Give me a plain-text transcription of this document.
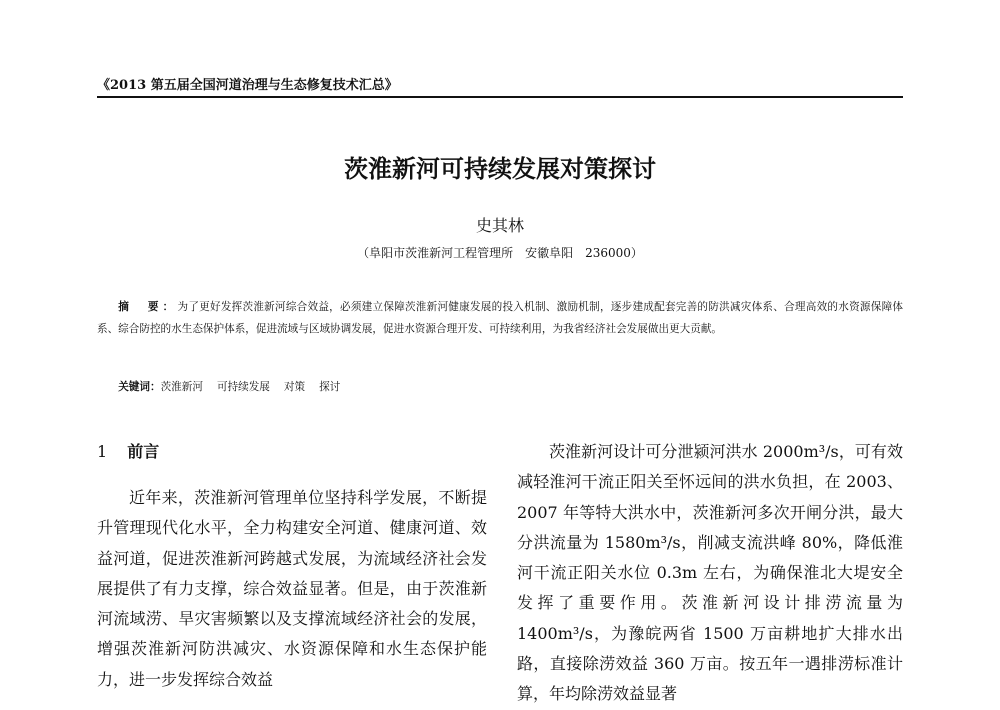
《2013 第五届全国河道治理与生态修复技术汇总》
茨淮新河可持续发展对策探讨
史其林
（阜阳市茨淮新河工程管理所　安徽阜阳　236000）
摘　要：为了更好发挥茨淮新河综合效益，必须建立保障茨淮新河健康发展的投入机制、激励机制，逐步建成配套完善的防洪减灾体系、合理高效的水资源保障体系、综合防控的水生态保护体系，促进流域与区域协调发展，促进水资源合理开发、可持续利用，为我省经济社会发展做出更大贡献。
关键词：茨淮新河 可持续发展 对策 探讨
1 前言

近年来，茨淮新河管理单位坚持科学发展，不断提升管理现代化水平，全力构建安全河道、健康河道、效益河道，促进茨淮新河跨越式发展，为流域经济社会发展提供了有力支撑，综合效益显著。但是，由于茨淮新河流域涝、旱灾害频繁以及支撑流域经济社会的发展，增强茨淮新河防洪减灾、水资源保障和水生态保护能力，进一步发挥综合效益

茨淮新河设计可分泄颍河洪水 2000m³/s，可有效减轻淮河干流正阳关至怀远间的洪水负担，在 2003、2007 年等特大洪水中，茨淮新河多次开闸分洪，最大分洪流量为 1580m³/s，削减支流洪峰 80%，降低淮河干流正阳关水位 0.3m 左右，为确保淮北大堤安全发挥了重要作用。茨淮新河设计排涝流量为 1400m³/s，为豫皖两省 1500 万亩耕地扩大排水出路，直接除涝效益 360 万亩。按五年一遇排涝标准计算，年均除涝效益显著
